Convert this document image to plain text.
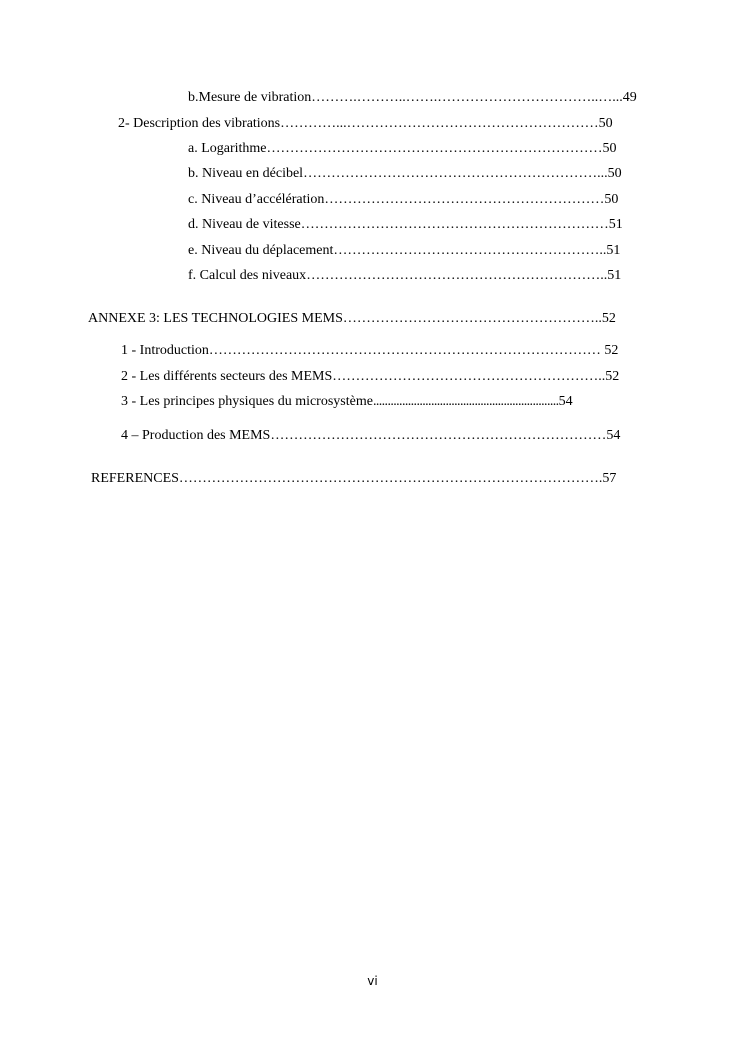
b.Mesure de vibration……….………..…….……………………………..…...49
2- Description des vibrations…………...………………………………………………50
a. Logarithme………………………………………………………………50
b. Niveau en décibel………………………………………………………...50
c. Niveau d’accélération……………………………………………………50
d. Niveau de vitesse…………………………………………………………51
e. Niveau du déplacement…………………………………………………..51
f. Calcul des niveaux………………………………………………………..51
ANNEXE 3: LES TECHNOLOGIES MEMS………………………………………………..52
1 - Introduction………………………………………………………………………… 52
2 - Les différents secteurs des MEMS…………………………………………………..52
3 - Les principes physiques du microsystème................................................................54
4 – Production des MEMS………………………………………………………………54
REFERENCES……………………………………………………………………………….57
vi
